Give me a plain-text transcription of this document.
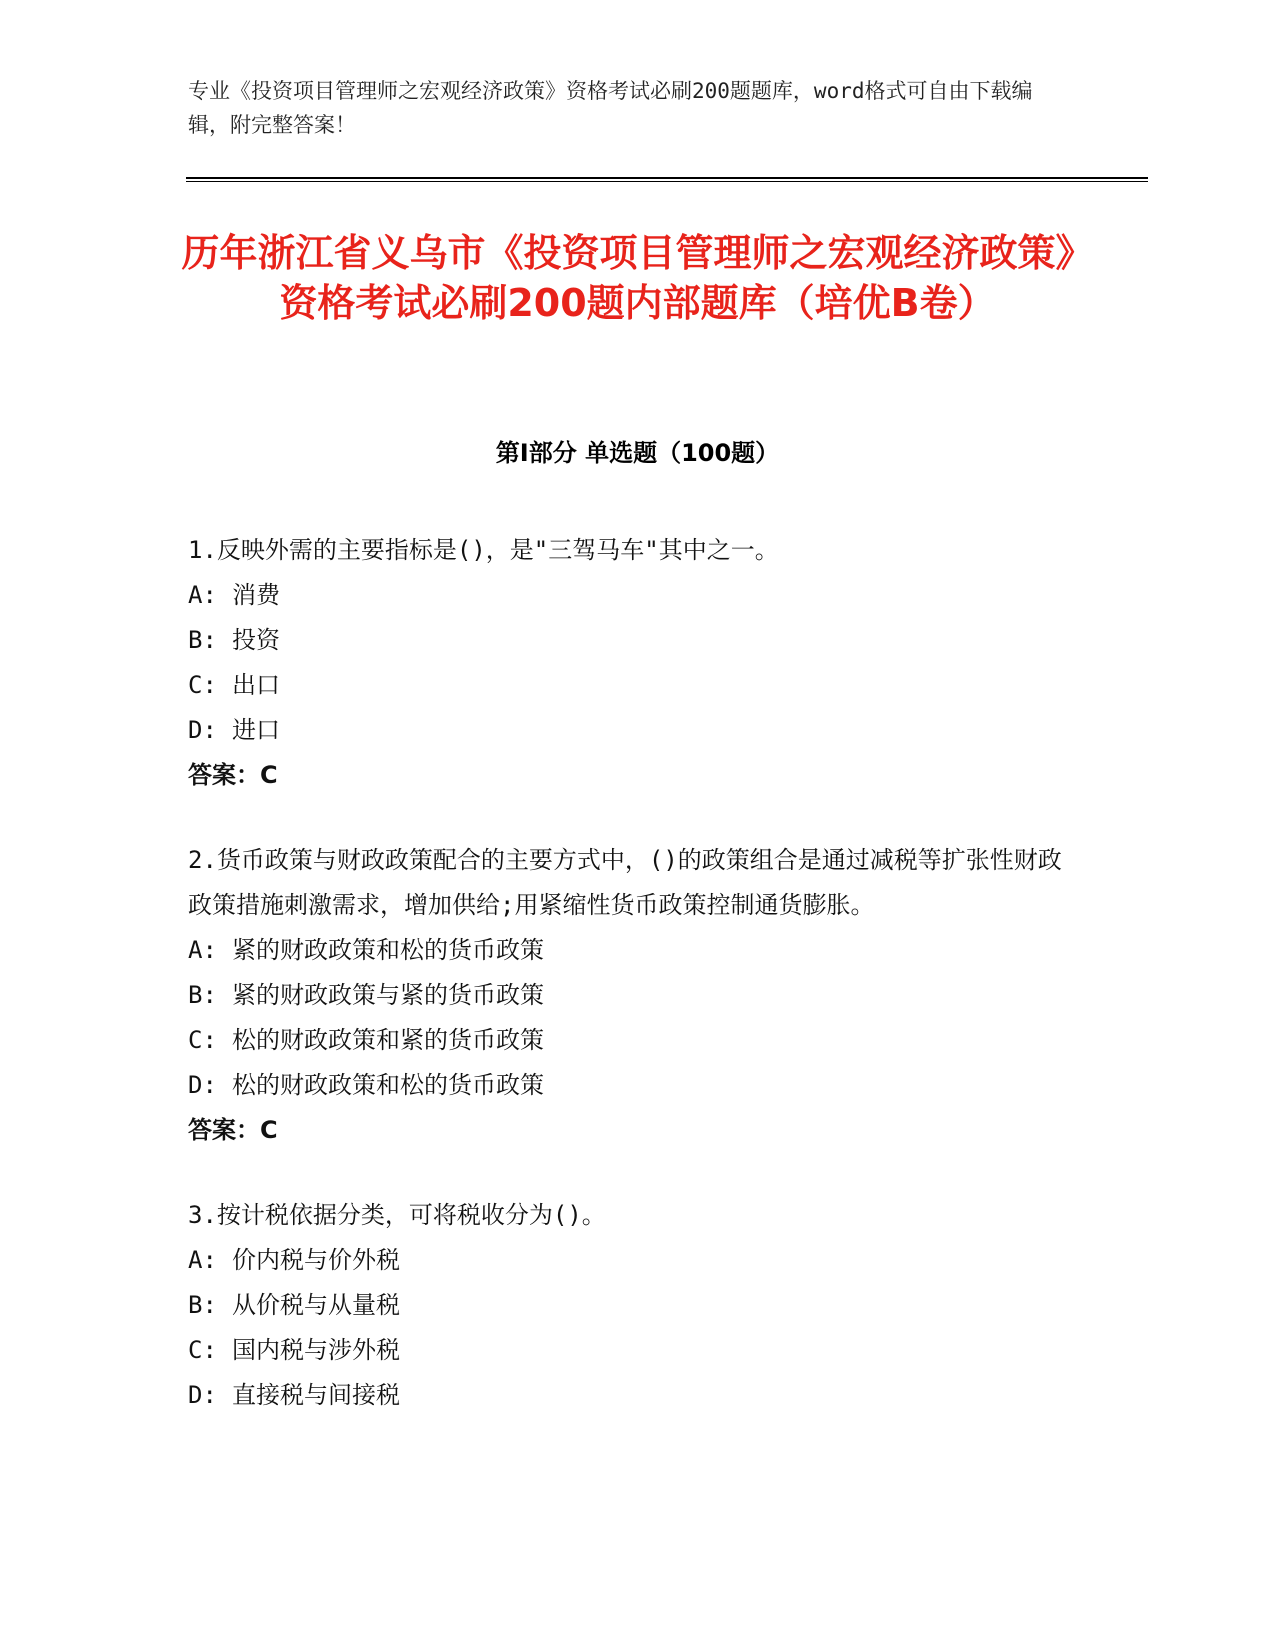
专业《投资项目管理师之宏观经济政策》资格考试必刷200题题库，word格式可自由下载编辑，附完整答案！
历年浙江省义乌市《投资项目管理师之宏观经济政策》资格考试必刷200题内部题库（培优B卷）
第Ⅰ部分 单选题（100题）
1.反映外需的主要指标是()，是"三驾马车"其中之一。
A: 消费
B: 投资
C: 出口
D: 进口
答案：C
2.货币政策与财政政策配合的主要方式中，()的政策组合是通过减税等扩张性财政政策措施刺激需求，增加供给;用紧缩性货币政策控制通货膨胀。
A: 紧的财政政策和松的货币政策
B: 紧的财政政策与紧的货币政策
C: 松的财政政策和紧的货币政策
D: 松的财政政策和松的货币政策
答案：C
3.按计税依据分类，可将税收分为()。
A: 价内税与价外税
B: 从价税与从量税
C: 国内税与涉外税
D: 直接税与间接税
